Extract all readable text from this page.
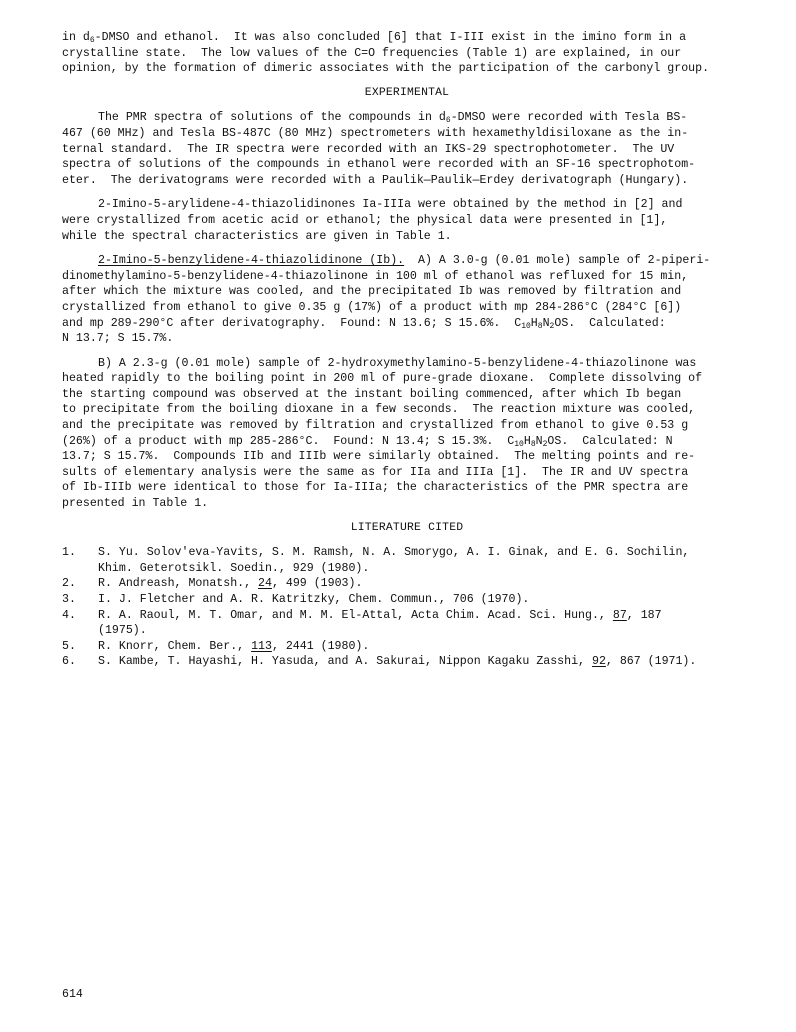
in $d_6$-DMSO and ethanol.  It was also concluded [6] that I-III exist in the imino form in a
crystalline state.  The low values of the C=O frequencies (Table 1) are explained, in our
opinion, by the formation of dimeric associates with the participation of the carbonyl group.
EXPERIMENTAL
The PMR spectra of solutions of the compounds in $d_6$-DMSO were recorded with Tesla BS-
467 (60 MHz) and Tesla BS-487C (80 MHz) spectrometers with hexamethyldisiloxane as the in-
ternal standard.  The IR spectra were recorded with an IKS-29 spectrophotometer.  The UV
spectra of solutions of the compounds in ethanol were recorded with an SF-16 spectrophotom-
eter.  The derivatograms were recorded with a Paulik—Paulik—Erdey derivatograph (Hungary).
2-Imino-5-arylidene-4-thiazolidinones Ia-IIIa were obtained by the method in [2] and
were crystallized from acetic acid or ethanol; the physical data were presented in [1],
while the spectral characteristics are given in Table 1.
2-Imino-5-benzylidene-4-thiazolidinone (Ib).  A) A 3.0-g (0.01 mole) sample of 2-piperi-
dinomethylamino-5-benzylidene-4-thiazolinone in 100 ml of ethanol was refluxed for 15 min,
after which the mixture was cooled, and the precipitated Ib was removed by filtration and
crystallized from ethanol to give 0.35 g (17%) of a product with mp 284-286°C (284°C [6])
and mp 289-290°C after derivatography.  Found: N 13.6; S 15.6%.  $C_{10}H_8N_2OS$.  Calculated:
N 13.7; S 15.7%.
B) A 2.3-g (0.01 mole) sample of 2-hydroxymethylamino-5-benzylidene-4-thiazolinone was
heated rapidly to the boiling point in 200 ml of pure-grade dioxane.  Complete dissolving of
the starting compound was observed at the instant boiling commenced, after which Ib began
to precipitate from the boiling dioxane in a few seconds.  The reaction mixture was cooled,
and the precipitate was removed by filtration and crystallized from ethanol to give 0.53 g
(26%) of a product with mp 285-286°C.  Found: N 13.4; S 15.3%.  $C_{10}H_8N_2OS$.  Calculated: N
13.7; S 15.7%.  Compounds IIb and IIIb were similarly obtained.  The melting points and re-
sults of elementary analysis were the same as for IIa and IIIa [1].  The IR and UV spectra
of Ib-IIIb were identical to those for Ia-IIIa; the characteristics of the PMR spectra are
presented in Table 1.
LITERATURE CITED
1. S. Yu. Solov'eva-Yavits, S. M. Ramsh, N. A. Smorygo, A. I. Ginak, and E. G. Sochilin,
Khim. Geterotsikl. Soedin., 929 (1980).
2. R. Andreash, Monatsh., 24, 499 (1903).
3. I. J. Fletcher and A. R. Katritzky, Chem. Commun., 706 (1970).
4. R. A. Raoul, M. T. Omar, and M. M. El-Attal, Acta Chim. Acad. Sci. Hung., 87, 187
(1975).
5. R. Knorr, Chem. Ber., 113, 2441 (1980).
6. S. Kambe, T. Hayashi, H. Yasuda, and A. Sakurai, Nippon Kagaku Zasshi, 92, 867 (1971).
614
